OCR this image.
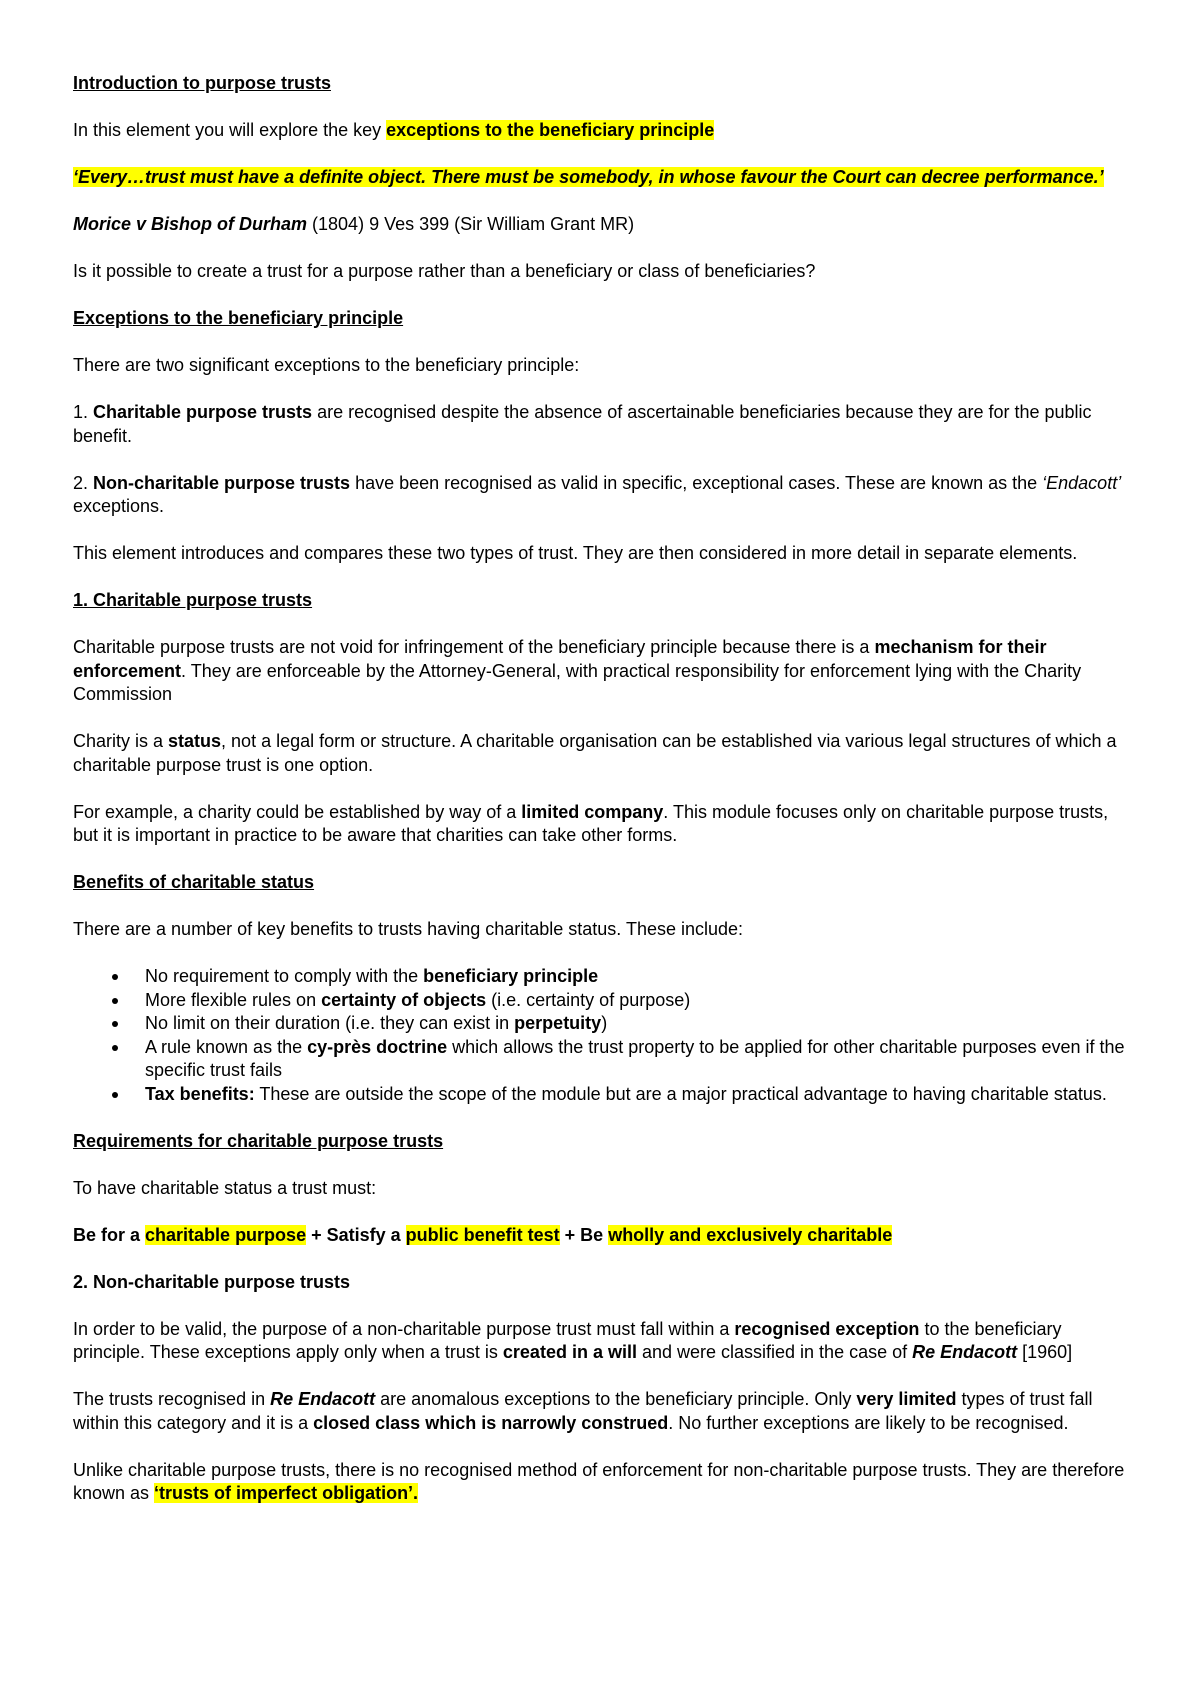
Introduction to purpose trusts

In this element you will explore the key exceptions to the beneficiary principle

‘Every…trust must have a definite object. There must be somebody, in whose favour the Court can decree performance.’

Morice v Bishop of Durham (1804) 9 Ves 399 (Sir William Grant MR)

Is it possible to create a trust for a purpose rather than a beneficiary or class of beneficiaries?

Exceptions to the beneficiary principle

There are two significant exceptions to the beneficiary principle:

1. Charitable purpose trusts are recognised despite the absence of ascertainable beneficiaries because they are for the public benefit.

2. Non-charitable purpose trusts have been recognised as valid in specific, exceptional cases. These are known as the ‘Endacott’ exceptions.

This element introduces and compares these two types of trust. They are then considered in more detail in separate elements.

1. Charitable purpose trusts

Charitable purpose trusts are not void for infringement of the beneficiary principle because there is a mechanism for their enforcement. They are enforceable by the Attorney-General, with practical responsibility for enforcement lying with the Charity Commission

Charity is a status, not a legal form or structure. A charitable organisation can be established via various legal structures of which a charitable purpose trust is one option.

For example, a charity could be established by way of a limited company. This module focuses only on charitable purpose trusts, but it is important in practice to be aware that charities can take other forms.

Benefits of charitable status

There are a number of key benefits to trusts having charitable status. These include:

No requirement to comply with the beneficiary principle
More flexible rules on certainty of objects (i.e. certainty of purpose)
No limit on their duration (i.e. they can exist in perpetuity)
A rule known as the cy-près doctrine which allows the trust property to be applied for other charitable purposes even if the specific trust fails
Tax benefits: These are outside the scope of the module but are a major practical advantage to having charitable status.

Requirements for charitable purpose trusts

To have charitable status a trust must:

Be for a charitable purpose + Satisfy a public benefit test + Be wholly and exclusively charitable

2. Non-charitable purpose trusts

In order to be valid, the purpose of a non-charitable purpose trust must fall within a recognised exception to the beneficiary principle. These exceptions apply only when a trust is created in a will and were classified in the case of Re Endacott [1960]

The trusts recognised in Re Endacott are anomalous exceptions to the beneficiary principle. Only very limited types of trust fall within this category and it is a closed class which is narrowly construed. No further exceptions are likely to be recognised.

Unlike charitable purpose trusts, there is no recognised method of enforcement for non-charitable purpose trusts. They are therefore known as ‘trusts of imperfect obligation’.
